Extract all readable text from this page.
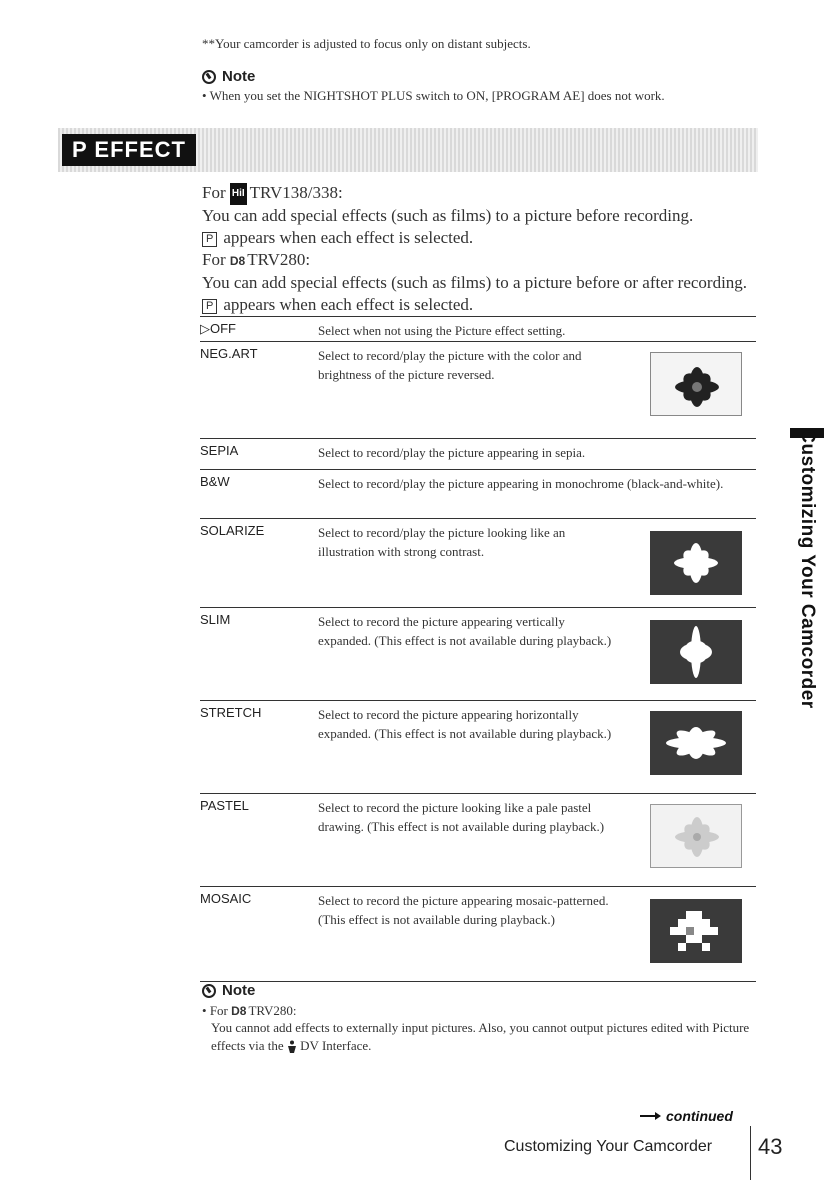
**Your camcorder is adjusted to focus only on distant subjects.
Note
• When you set the NIGHTSHOT PLUS switch to ON, [PROGRAM AE] does not work.
P EFFECT
For HiI TRV138/338:
You can add special effects (such as films) to a picture before recording.
P appears when each effect is selected.
For D8 TRV280:
You can add special effects (such as films) to a picture before or after recording.
P appears when each effect is selected.
▷OFF	Select when not using the Picture effect setting.
NEG.ART	Select to record/play the picture with the color and brightness of the picture reversed.
SEPIA	Select to record/play the picture appearing in sepia.
B&W	Select to record/play the picture appearing in monochrome (black-and-white).
SOLARIZE	Select to record/play the picture looking like an illustration with strong contrast.
SLIM	Select to record the picture appearing vertically expanded. (This effect is not available during playback.)
STRETCH	Select to record the picture appearing horizontally expanded. (This effect is not available during playback.)
PASTEL	Select to record the picture looking like a pale pastel drawing. (This effect is not available during playback.)
MOSAIC	Select to record the picture appearing mosaic-patterned. (This effect is not available during playback.)
Customizing Your Camcorder
Note
• For D8 TRV280:
You cannot add effects to externally input pictures. Also, you cannot output pictures edited with Picture effects via the DV Interface.
continued
Customizing Your Camcorder 43
